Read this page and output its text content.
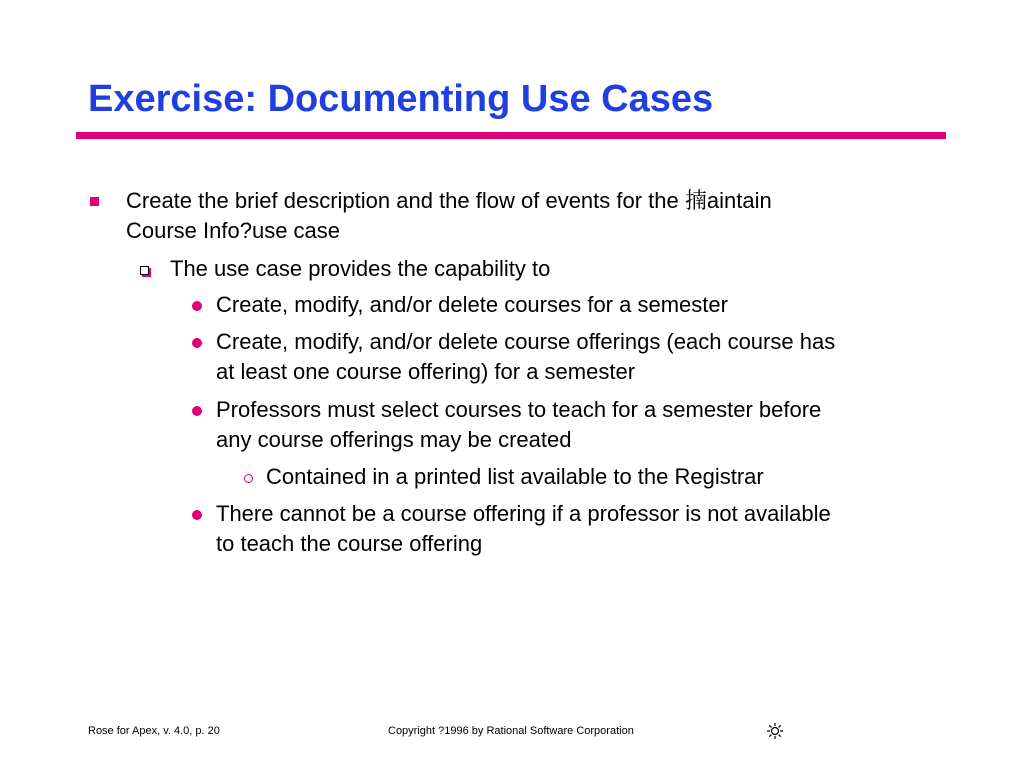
Exercise: Documenting Use Cases
Create the brief description and the flow of events for the 揇aintain
Course Info?use case
The use case provides the capability to
Create, modify, and/or delete courses for a semester
Create, modify, and/or delete course offerings (each course has
at least one course offering) for a semester
Professors must select courses to teach for a semester before
any course offerings may be created
Contained in a printed list available to the Registrar
There cannot be a course offering if a professor is not available
to teach the course offering
Rose for Apex, v. 4.0, p. 20	Copyright ?1996 by Rational Software Corporation
